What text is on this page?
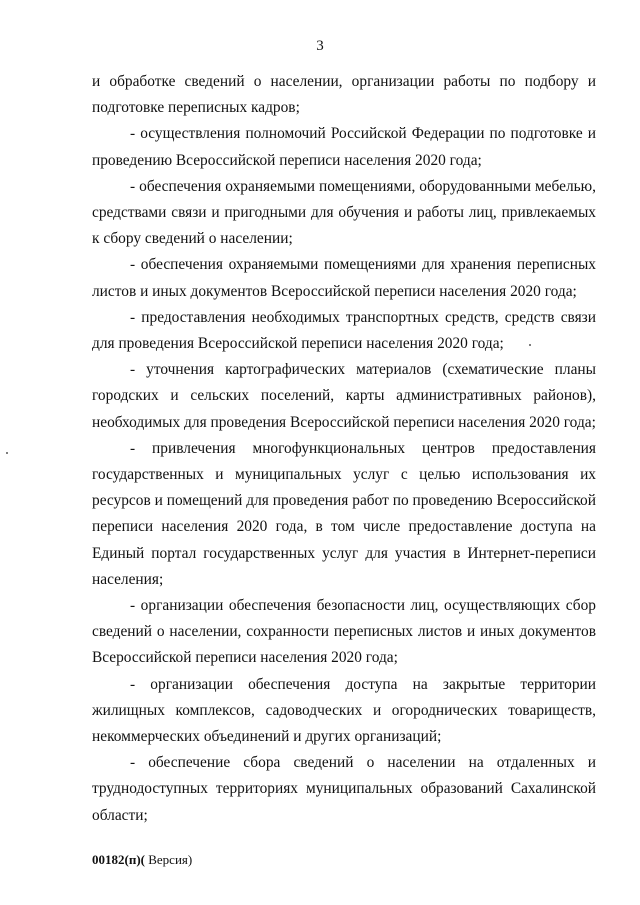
3

и обработке сведений о населении, организации работы по подбору и подготовке переписных кадров;

- осуществления полномочий Российской Федерации по подготовке и проведению Всероссийской переписи населения 2020 года;

- обеспечения охраняемыми помещениями, оборудованными мебелью, средствами связи и пригодными для обучения и работы лиц, привлекаемых к сбору сведений о населении;

- обеспечения охраняемыми помещениями для хранения переписных листов и иных документов Всероссийской переписи населения 2020 года;

- предоставления необходимых транспортных средств, средств связи для проведения Всероссийской переписи населения 2020 года;

- уточнения картографических материалов (схематические планы городских и сельских поселений, карты административных районов), необходимых для проведения Всероссийской переписи населения 2020 года;

- привлечения многофункциональных центров предоставления государственных и муниципальных услуг с целью использования их ресурсов и помещений для проведения работ по проведению Всероссийской переписи населения 2020 года, в том числе предоставление доступа на Единый портал государственных услуг для участия в Интернет-переписи населения;

- организации обеспечения безопасности лиц, осуществляющих сбор сведений о населении, сохранности переписных листов и иных документов Всероссийской переписи населения 2020 года;

- организации обеспечения доступа на закрытые территории жилищных комплексов, садоводческих и огороднических товариществ, некоммерческих объединений и других организаций;

- обеспечение сбора сведений о населении на отдаленных и труднодоступных территориях муниципальных образований Сахалинской области;

00182(п)( Версия)
